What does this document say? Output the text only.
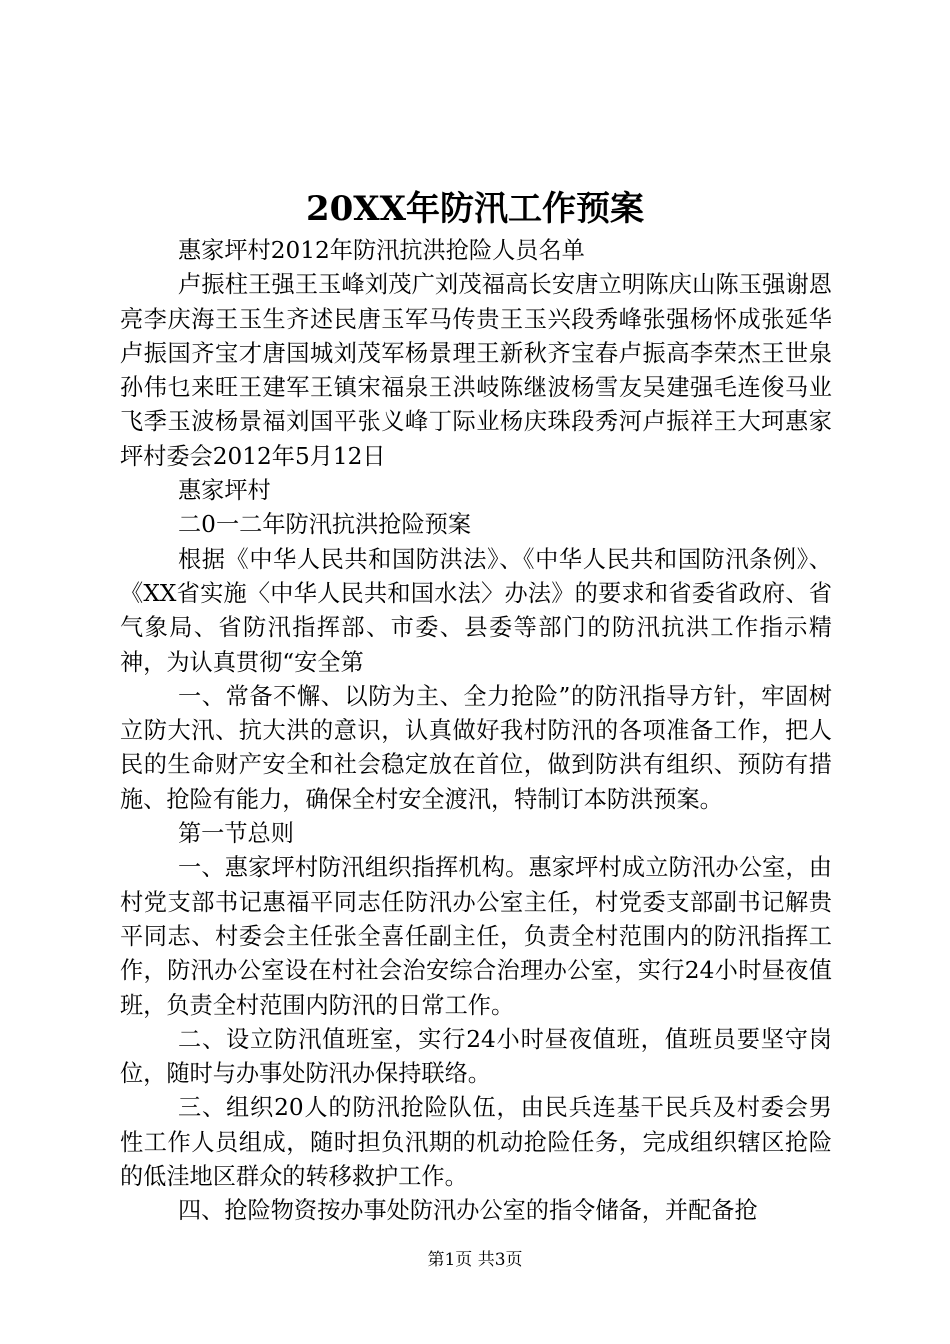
20XX年防汛工作预案

惠家坪村2012年防汛抗洪抢险人员名单

卢振柱王强王玉峰刘茂广刘茂福高长安唐立明陈庆山陈玉强谢恩亮李庆海王玉生齐述民唐玉军马传贵王玉兴段秀峰张强杨怀成张延华卢振国齐宝才唐国城刘茂军杨景理王新秋齐宝春卢振高李荣杰王世泉孙伟乜来旺王建军王镇宋福泉王洪岐陈继波杨雪友吴建强毛连俊马业飞季玉波杨景福刘国平张义峰丁际业杨庆珠段秀河卢振祥王大珂惠家坪村委会2012年5月12日

惠家坪村

二0一二年防汛抗洪抢险预案

根据《中华人民共和国防洪法》、《中华人民共和国防汛条例》、《XX省实施〈中华人民共和国水法〉办法》的要求和省委省政府、省气象局、省防汛指挥部、市委、县委等部门的防汛抗洪工作指示精神，为认真贯彻“安全第

一、常备不懈、以防为主、全力抢险”的防汛指导方针，牢固树立防大汛、抗大洪的意识，认真做好我村防汛的各项准备工作，把人民的生命财产安全和社会稳定放在首位，做到防洪有组织、预防有措施、抢险有能力，确保全村安全渡汛，特制订本防洪预案。

第一节总则

一、惠家坪村防汛组织指挥机构。惠家坪村成立防汛办公室，由村党支部书记惠福平同志任防汛办公室主任，村党委支部副书记解贵平同志、村委会主任张全喜任副主任，负责全村范围内的防汛指挥工作，防汛办公室设在村社会治安综合治理办公室，实行24小时昼夜值班，负责全村范围内防汛的日常工作。

二、设立防汛值班室，实行24小时昼夜值班，值班员要坚守岗位，随时与办事处防汛办保持联络。

三、组织20人的防汛抢险队伍，由民兵连基干民兵及村委会男性工作人员组成，随时担负汛期的机动抢险任务，完成组织辖区抢险的低洼地区群众的转移救护工作。

四、抢险物资按办事处防汛办公室的指令储备，并配备抢

第1页 共3页
